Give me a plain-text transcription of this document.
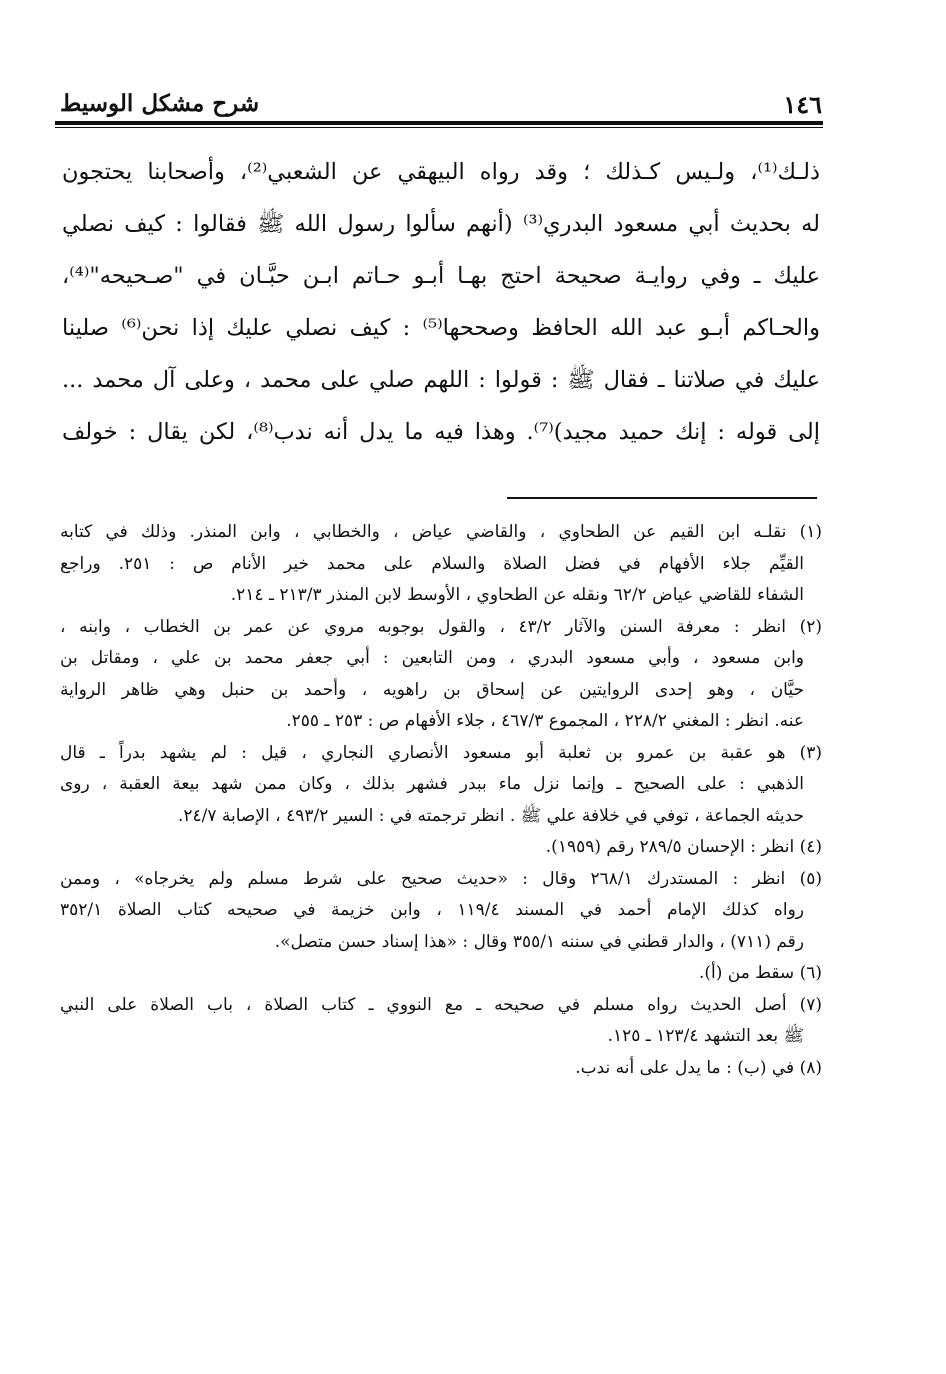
١٤٦
شرح مشكل الوسيط
ذلـك⁽¹⁾، ولـيس كـذلك ؛ وقد رواه البيهقي عن الشعبي⁽²⁾، وأصحابنا يحتجون
له بحديث أبي مسعود البدري⁽³⁾ (أنهم سألوا رسول الله ﷺ فقالوا : كيف نصلي
عليك ـ وفي روايـة صحيحة احتج بهـا أبـو حـاتم ابـن حبَّـان في "صـحيحه"⁽⁴⁾،
والحـاكم أبـو عبد الله الحافظ وصححها⁽⁵⁾ : كيف نصلي عليك إذا نحن⁽⁶⁾ صلينا
عليك في صلاتنا ـ فقال ﷺ : قولوا : اللهم صلي على محمد ، وعلى آل محمد ...
إلى قوله : إنك حميد مجيد)⁽⁷⁾. وهذا فيه ما يدل أنه ندب⁽⁸⁾، لكن يقال : خولف
(١) نقلـه ابن القيم عن الطحاوي ، والقاضي عياض ، والخطابي ، وابن المنذر. وذلك في كتابه
القيِّم جلاء الأفهام في فضل الصلاة والسلام على محمد خير الأنام ص : ٢٥١. وراجع
الشفاء للقاضي عياض ٦٢/٢ ونقله عن الطحاوي ، الأوسط لابن المنذر ٢١٣/٣ ـ ٢١٤.
(٢) انظر : معرفة السنن والآثار ٤٣/٢ ، والقول بوجوبه مروي عن عمر بن الخطاب ، وابنه ،
وابن مسعود ، وأبي مسعود البدري ، ومن التابعين : أبي جعفر محمد بن علي ، ومقاتل بن
حيَّان ، وهو إحدى الروايتين عن إسحاق بن راهويه ، وأحمد بن حنبل وهي ظاهر الرواية
عنه. انظر : المغني ٢٢٨/٢ ، المجموع ٤٦٧/٣ ، جلاء الأفهام ص : ٢٥٣ ـ ٢٥٥.
(٣) هو عقبة بن عمرو بن ثعلبة أبو مسعود الأنصاري النجاري ، قيل : لم يشهد بدراً ـ قال
الذهبي : على الصحيح ـ وإنما نزل ماء ببدر فشهر بذلك ، وكان ممن شهد بيعة العقبة ، روى
حديثه الجماعة ، توفي في خلافة علي ﷺ . انظر ترجمته في : السير ٤٩٣/٢ ، الإصابة ٢٤/٧.
(٤) انظر : الإحسان ٢٨٩/٥ رقم (١٩٥٩).
(٥) انظر : المستدرك ٢٦٨/١ وقال : «حديث صحيح على شرط مسلم ولم يخرجاه» ، وممن
رواه كذلك الإمام أحمد في المسند ١١٩/٤ ، وابن خزيمة في صحيحه كتاب الصلاة ٣٥٢/١
رقم (٧١١) ، والدار قطني في سننه ٣٥٥/١ وقال : «هذا إسناد حسن متصل».
(٦) سقط من (أ).
(٧) أصل الحديث رواه مسلم في صحيحه ـ مع النووي ـ كتاب الصلاة ، باب الصلاة على النبي
ﷺ بعد التشهد ١٢٣/٤ ـ ١٢٥.
(٨) في (ب) : ما يدل على أنه ندب.
